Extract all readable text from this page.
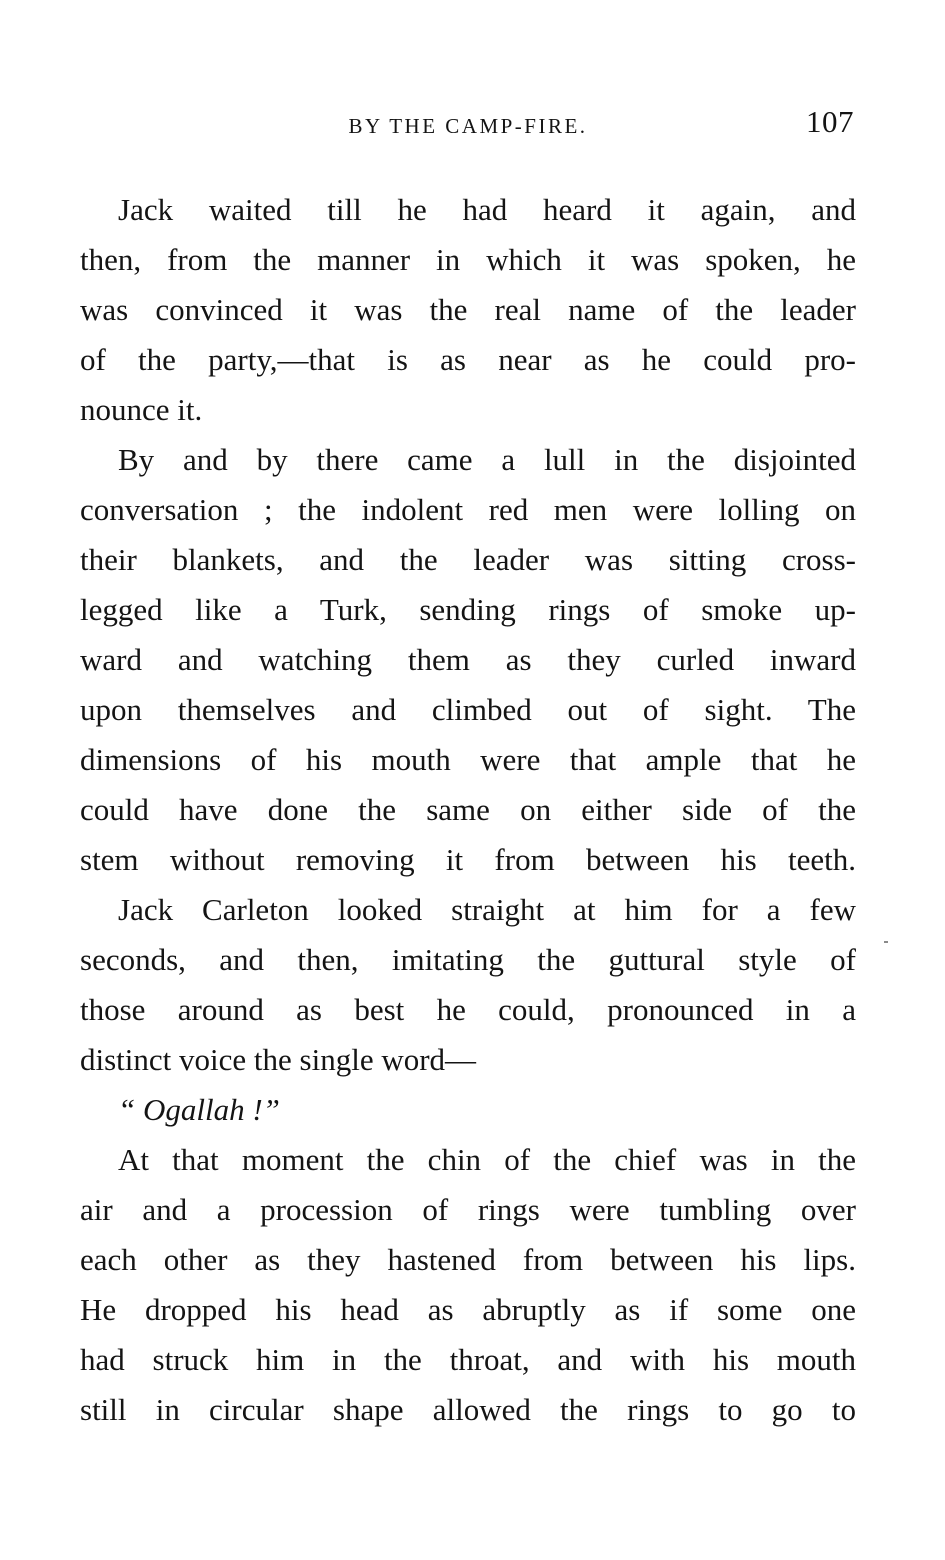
BY THE CAMP-FIRE.	107
Jack waited till he had heard it again, and
then, from the manner in which it was spoken, he
was convinced it was the real name of the leader
of the party,—that is as near as he could pro-
nounce it.
By and by there came a lull in the disjointed
conversation ; the indolent red men were lolling on
their blankets, and the leader was sitting cross-
legged like a Turk, sending rings of smoke up-
ward and watching them as they curled inward
upon themselves and climbed out of sight. The
dimensions of his mouth were that ample that he
could have done the same on either side of the
stem without removing it from between his teeth.
Jack Carleton looked straight at him for a few
seconds, and then, imitating the guttural style of
those around as best he could, pronounced in a
distinct voice the single word—
“ Ogallah !”
At that moment the chin of the chief was in the
air and a procession of rings were tumbling over
each other as they hastened from between his lips.
He dropped his head as abruptly as if some one
had struck him in the throat, and with his mouth
still in circular shape allowed the rings to go to
